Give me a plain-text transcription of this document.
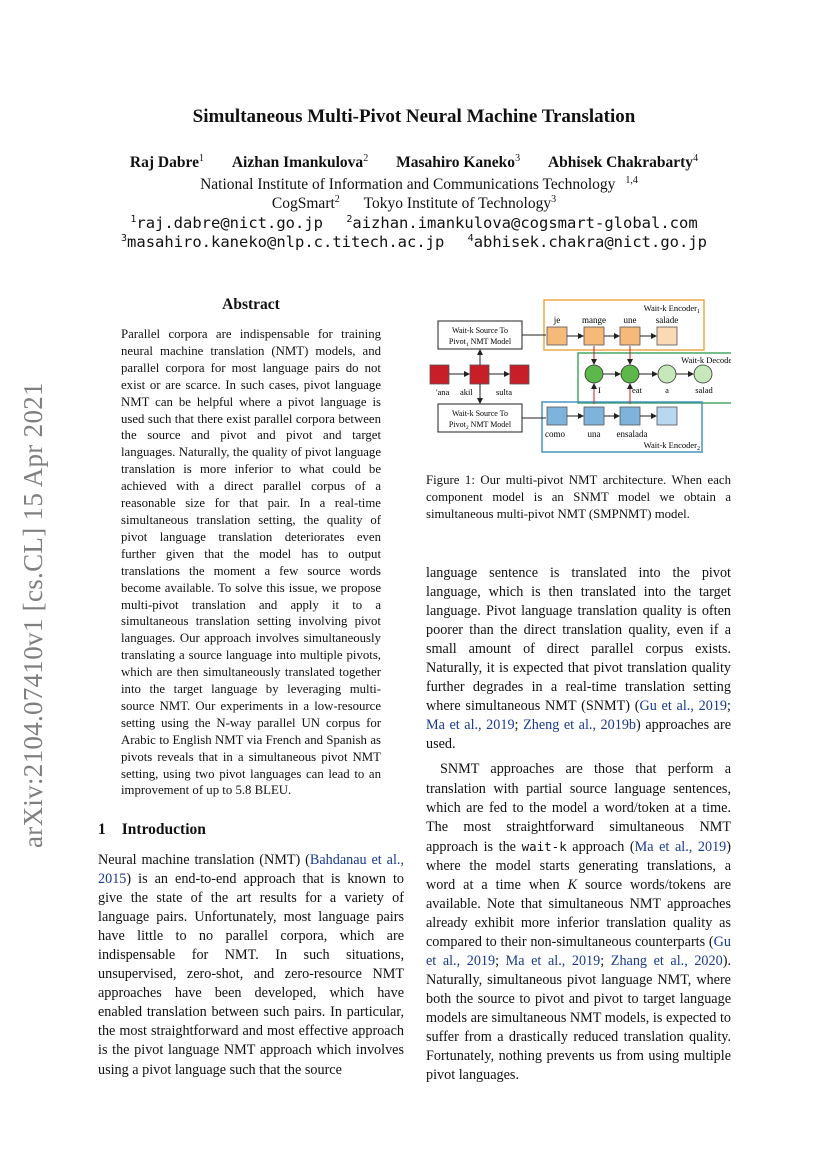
Simultaneous Multi-Pivot Neural Machine Translation
Raj Dabre$^1$ Aizhan Imankulova$^2$ Masahiro Kaneko$^3$ Abhisek Chakrabarty$^4$
National Institute of Information and Communications Technology $^{1,4}$
CogSmart$^2$ Tokyo Institute of Technology$^3$
$^1$raj.dabre@nict.go.jp $^2$aizhan.imankulova@cogsmart-global.com
$^3$masahiro.kaneko@nlp.c.titech.ac.jp $^4$abhisek.chakra@nict.go.jp
arXiv:2104.07410v1 [cs.CL] 15 Apr 2021
Abstract
Parallel corpora are indispensable for training neural machine translation (NMT) models, and parallel corpora for most language pairs do not exist or are scarce. In such cases, pivot language NMT can be helpful where a pivot language is used such that there exist parallel corpora between the source and pivot and pivot and target languages. Naturally, the quality of pivot language translation is more inferior to what could be achieved with a direct parallel corpus of a reasonable size for that pair. In a real-time simultaneous translation setting, the quality of pivot language translation deteriorates even further given that the model has to output translations the moment a few source words become available. To solve this issue, we propose multi-pivot translation and apply it to a simultaneous translation setting involving pivot languages. Our approach involves simultaneously translating a source language into multiple pivots, which are then simultaneously translated together into the target language by leveraging multi-source NMT. Our experiments in a low-resource setting using the N-way parallel UN corpus for Arabic to English NMT via French and Spanish as pivots reveals that in a simultaneous pivot NMT setting, using two pivot languages can lead to an improvement of up to 5.8 BLEU.
1 Introduction
Neural machine translation (NMT) (Bahdanau et al., 2015) is an end-to-end approach that is known to give the state of the art results for a variety of language pairs. Unfortunately, most language pairs have little to no parallel corpora, which are indispensable for NMT. In such situations, unsupervised, zero-shot, and zero-resource NMT approaches have been developed, which have enabled translation between such pairs. In particular, the most straightforward and most effective approach is the pivot language NMT approach which involves using a pivot language such that the source
Wait-k Encoder$_1$
Wait-k Decoder
Wait-k Encoder$_2$
Wait-k Source To
Pivot$_1$ NMT Model
Wait-k Source To
Pivot$_2$ NMT Model
je mange une salade
'ana akil	sulta	I	eat	a	salad
como	una ensalada
Figure 1: Our multi-pivot NMT architecture. When each component model is an SNMT model we obtain a simultaneous multi-pivot NMT (SMPNMT) model.

language sentence is translated into the pivot language, which is then translated into the target language. Pivot language translation quality is often poorer than the direct translation quality, even if a small amount of direct parallel corpus exists. Naturally, it is expected that pivot translation quality further degrades in a real-time translation setting where simultaneous NMT (SNMT) (Gu et al., 2019; Ma et al., 2019; Zheng et al., 2019b) approaches are used.

SNMT approaches are those that perform a translation with partial source language sentences, which are fed to the model a word/token at a time. The most straightforward simultaneous NMT approach is the wait-k approach (Ma et al., 2019) where the model starts generating translations, a word at a time when K source words/tokens are available. Note that simultaneous NMT approaches already exhibit more inferior translation quality as compared to their non-simultaneous counterparts (Gu et al., 2019; Ma et al., 2019; Zhang et al., 2020). Naturally, simultaneous pivot language NMT, where both the source to pivot and pivot to target language models are simultaneous NMT models, is expected to suffer from a drastically reduced translation quality. Fortunately, nothing prevents us from using multiple pivot languages.
